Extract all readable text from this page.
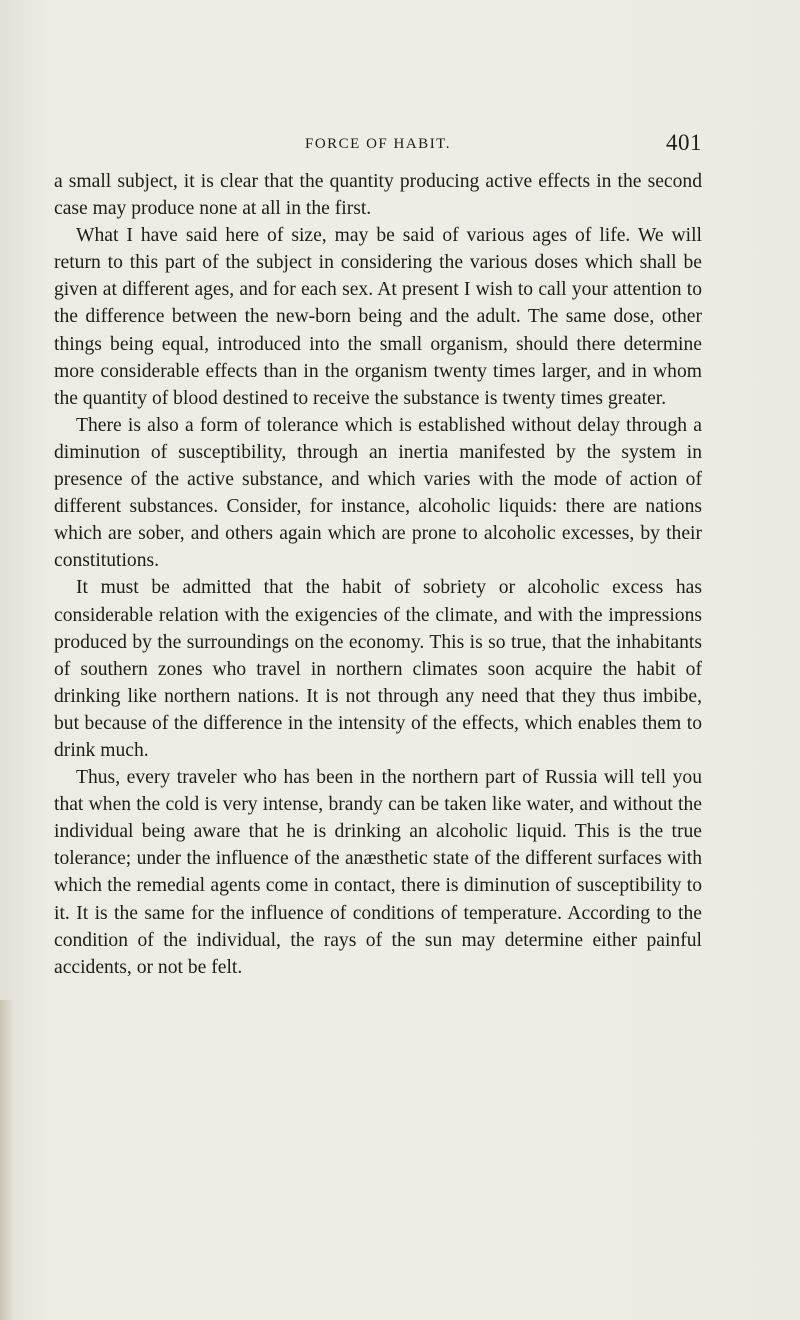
FORCE OF HABIT.	401

a small subject, it is clear that the quantity producing active effects in the second case may produce none at all in the first.

What I have said here of size, may be said of various ages of life. We will return to this part of the subject in considering the various doses which shall be given at different ages, and for each sex. At present I wish to call your attention to the difference between the new-born being and the adult. The same dose, other things being equal, introduced into the small organism, should there determine more considerable effects than in the organism twenty times larger, and in whom the quantity of blood destined to receive the substance is twenty times greater.

There is also a form of tolerance which is established without delay through a diminution of susceptibility, through an inertia manifested by the system in presence of the active substance, and which varies with the mode of action of different substances. Consider, for instance, alcoholic liquids: there are nations which are sober, and others again which are prone to alcoholic excesses, by their constitutions.

It must be admitted that the habit of sobriety or alcoholic excess has considerable relation with the exigencies of the climate, and with the impressions produced by the surroundings on the economy. This is so true, that the inhabitants of southern zones who travel in northern climates soon acquire the habit of drinking like northern nations. It is not through any need that they thus imbibe, but because of the difference in the intensity of the effects, which enables them to drink much.

Thus, every traveler who has been in the northern part of Russia will tell you that when the cold is very intense, brandy can be taken like water, and without the individual being aware that he is drinking an alcoholic liquid. This is the true tolerance; under the influence of the anæsthetic state of the different surfaces with which the remedial agents come in contact, there is diminution of susceptibility to it. It is the same for the influence of conditions of temperature. According to the condition of the individual, the rays of the sun may determine either painful accidents, or not be felt.
